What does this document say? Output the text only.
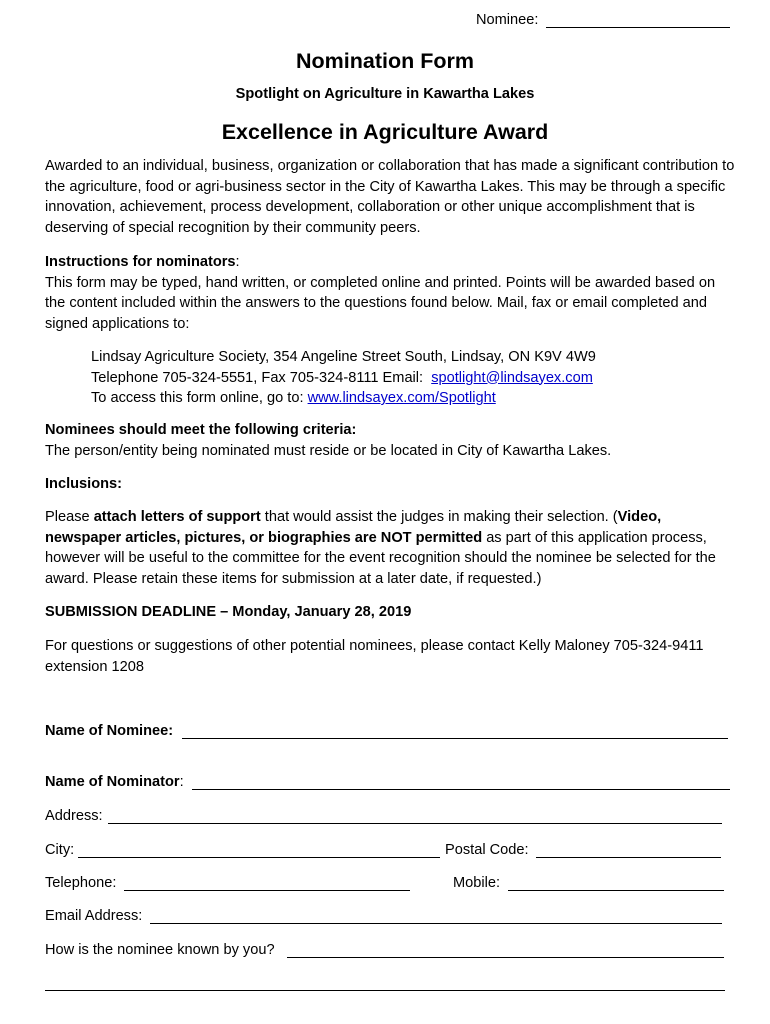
Nominee:
Nomination Form
Spotlight on Agriculture in Kawartha Lakes
Excellence in Agriculture Award
Awarded to an individual, business, organization or collaboration that has made a significant contribution to the agriculture, food or agri-business sector in the City of Kawartha Lakes. This may be through a specific innovation, achievement, process development, collaboration or other unique accomplishment that is deserving of special recognition by their community peers.
Instructions for nominators:
This form may be typed, hand written, or completed online and printed. Points will be awarded based on the content included within the answers to the questions found below. Mail, fax or email completed and signed applications to:
Lindsay Agriculture Society, 354 Angeline Street South, Lindsay, ON K9V 4W9
Telephone 705-324-5551, Fax 705-324-8111 Email:  spotlight@lindsayex.com
To access this form online, go to: www.lindsayex.com/Spotlight
Nominees should meet the following criteria:
The person/entity being nominated must reside or be located in City of Kawartha Lakes.
Inclusions:
Please attach letters of support that would assist the judges in making their selection. (Video, newspaper articles, pictures, or biographies are NOT permitted as part of this application process, however will be useful to the committee for the event recognition should the nominee be selected for the award. Please retain these items for submission at a later date, if requested.)
SUBMISSION DEADLINE – Monday, January 28, 2019
For questions or suggestions of other potential nominees, please contact Kelly Maloney 705-324-9411 extension 1208
Name of Nominee:
Name of Nominator:
Address:
City:	Postal Code:
Telephone:	Mobile:
Email Address:
How is the nominee known by you?
